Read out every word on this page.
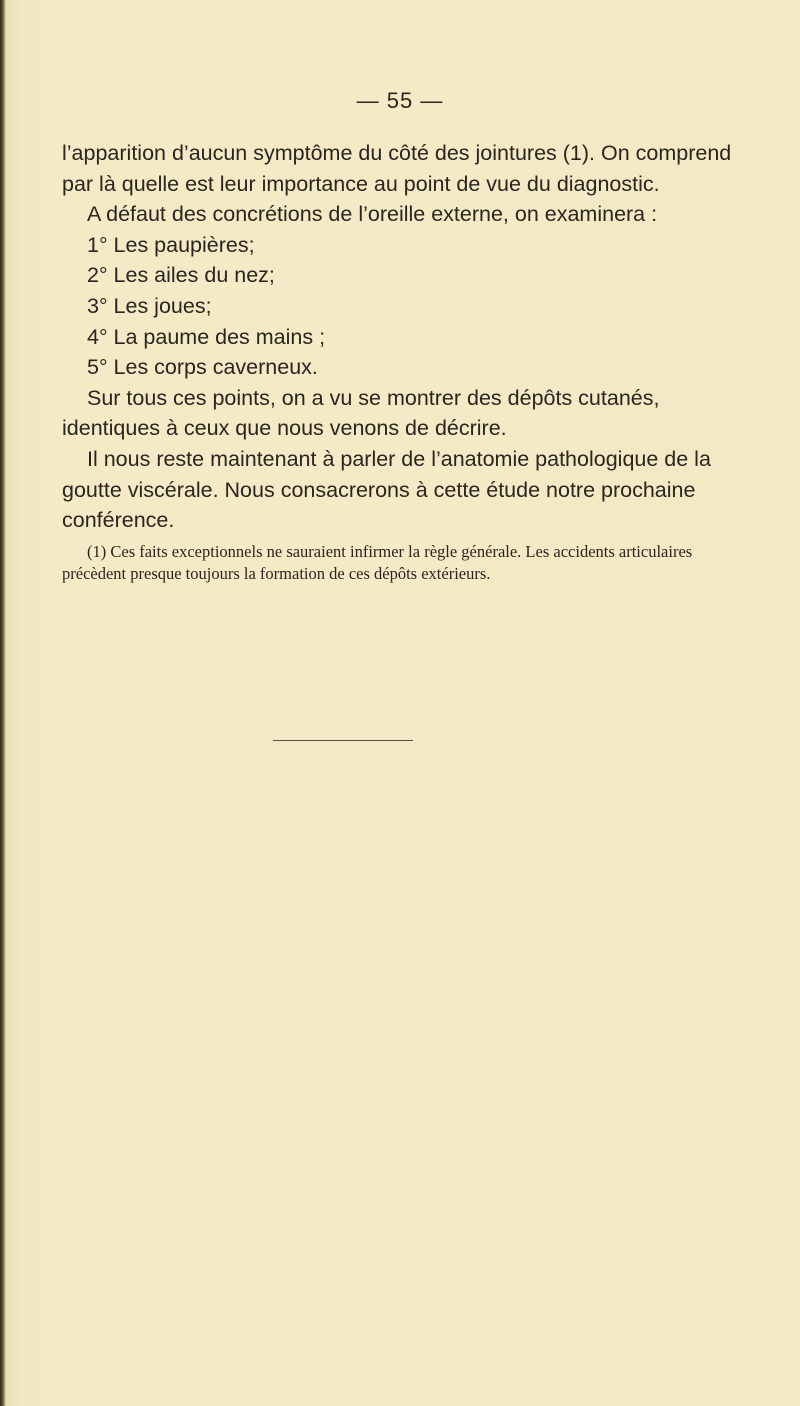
— 55 —

l’apparition d’aucun symptôme du côté des jointures (1). On comprend par là quelle est leur importance au point de vue du diagnostic.

A défaut des concrétions de l’oreille externe, on examinera :

1° Les paupières;

2° Les ailes du nez;

3° Les joues;

4° La paume des mains ;

5° Les corps caverneux.

Sur tous ces points, on a vu se montrer des dépôts cutanés, identiques à ceux que nous venons de décrire.

Il nous reste maintenant à parler de l’anatomie pathologique de la goutte viscérale. Nous consacrerons à cette étude notre prochaine conférence.

(1) Ces faits exceptionnels ne sauraient infirmer la règle générale. Les accidents articulaires précèdent presque toujours la formation de ces dépôts extérieurs.
